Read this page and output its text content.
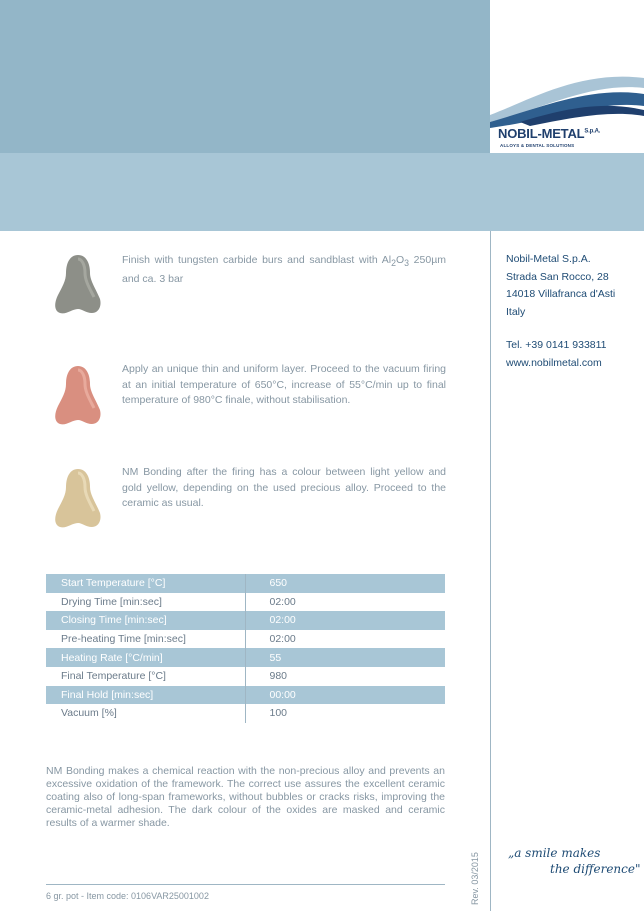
NOBIL-$METAL^{S.p.A.}$
ALLOYS & DENTAL SOLUTIONS
Nobil-Metal S.p.A.
Strada San Rocco, 28
14018 Villafranca d'Asti
Italy
Tel. +39 0141 933811
www.nobilmetal.com
Finish with tungsten carbide burs and sandblast with $Al_2O_3$ 250µm and ca. 3 bar
Apply an unique thin and uniform layer. Proceed to the vacuum firing at an initial temperature of 650°C, increase of 55°C/min up to final temperature of 980°C finale, without stabilisation.
NM Bonding after the firing has a colour between light yellow and gold yellow, depending on the used precious alloy. Proceed to the ceramic as usual.
Start Temperature [°C]	650
Drying Time [min:sec]	02:00
Closing Time [min:sec]	02:00
Pre-heating Time [min:sec]	02:00
Heating Rate [°C/min]	55
Final Temperature [°C]	980
Final Hold [min:sec]	00:00
Vacuum [%]	100
NM Bonding makes a chemical reaction with the non-precious alloy and prevents an excessive oxidation of the framework. The correct use assures the excellent ceramic coating also of long-span frameworks, without bubbles or cracks risks, improving the ceramic-metal adhesion. The dark colour of the oxides are masked and ceramic results of a warmer shade.
6 gr. pot - Item code: 0106VAR25001002	Rev. 03/2015 „a smile makes
the difference"
